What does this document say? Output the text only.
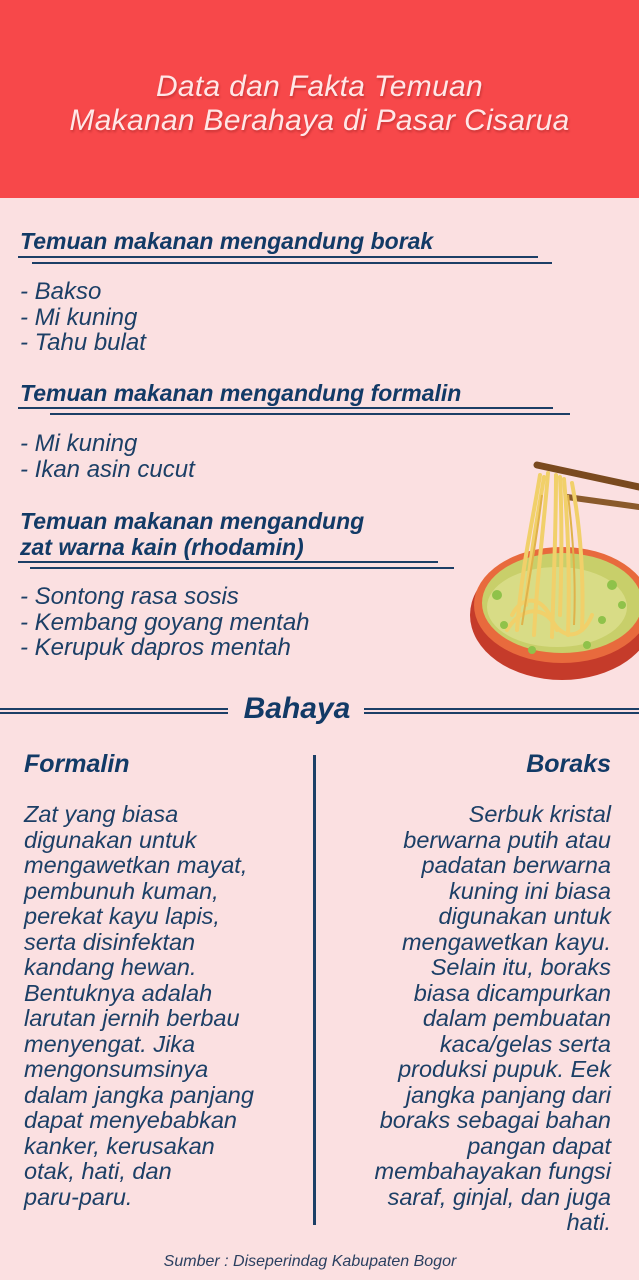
Data dan Fakta Temuan
Makanan Berahaya di Pasar Cisarua
Temuan makanan mengandung borak
- Bakso
- Mi kuning
- Tahu bulat
Temuan makanan mengandung formalin
- Mi kuning
- Ikan asin cucut
Temuan makanan mengandung
zat warna kain (rhodamin)
- Sontong rasa sosis
- Kembang goyang mentah
- Kerupuk dapros mentah
Bahaya
Formalin	Boraks
Zat yang biasa
digunakan untuk
mengawetkan mayat,
pembunuh kuman,
perekat kayu lapis,
serta disinfektan
kandang hewan.
Bentuknya adalah
larutan jernih berbau
menyengat. Jika
mengonsumsinya
dalam jangka panjang
dapat menyebabkan
kanker, kerusakan
otak, hati, dan
paru-paru.
Serbuk kristal
berwarna putih atau
padatan berwarna
kuning ini biasa
digunakan untuk
mengawetkan kayu.
Selain itu, boraks
biasa dicampurkan
dalam pembuatan
kaca/gelas serta
produksi pupuk. Eek
jangka panjang dari
boraks sebagai bahan
pangan dapat
membahayakan fungsi
saraf, ginjal, dan juga
hati.
Sumber : Diseperindag Kabupaten Bogor
